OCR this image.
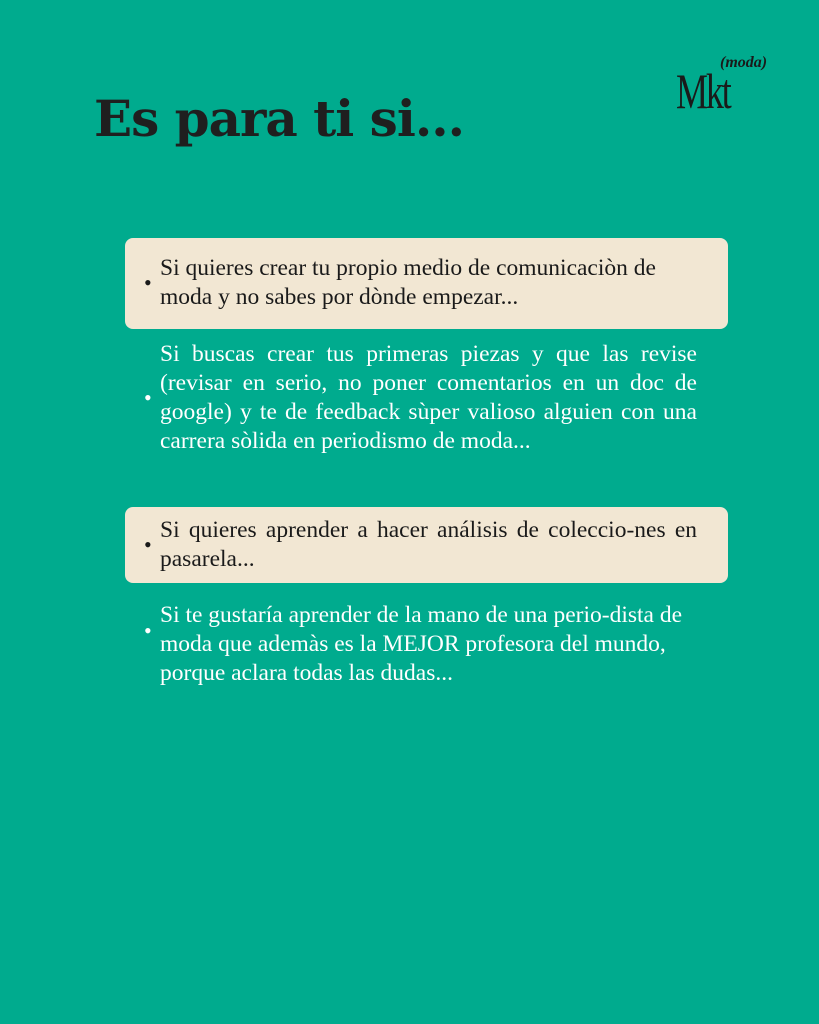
Mkt
(moda)
Es para ti si...
•
Si quieres crear tu propio medio de comunicaciòn de moda y no sabes por dònde empezar...
•
Si buscas crear tus primeras piezas y que las revise (revisar en serio, no poner comentarios en un doc de google) y te de feedback sùper valioso alguien con una carrera sòlida en periodismo de moda...
•
Si quieres aprender a hacer análisis de coleccio-nes en pasarela...
•
Si te gustaría aprender de la mano de una perio-dista de moda que ademàs es la MEJOR profesora del mundo, porque aclara todas las dudas...
